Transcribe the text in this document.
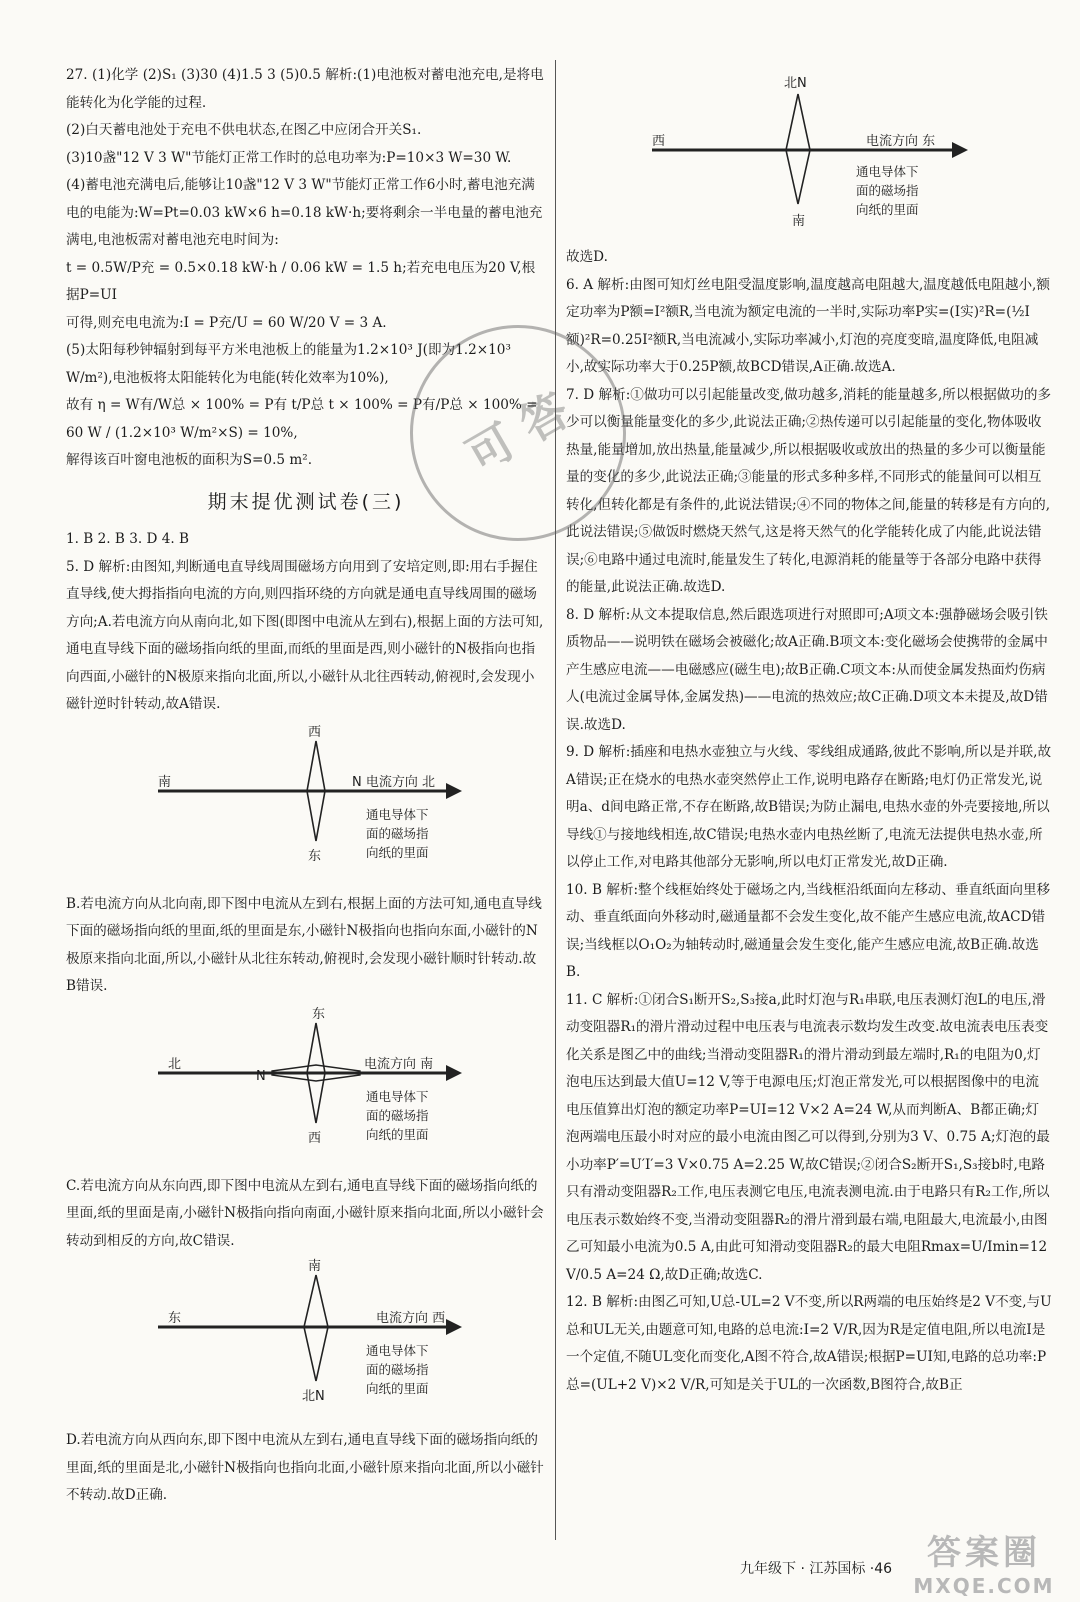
27. (1)化学 (2)S₁ (3)30 (4)1.5 3 (5)0.5 解析:(1)电池板对蓄电池充电,是将电能转化为化学能的过程.

(2)白天蓄电池处于充电不供电状态,在图乙中应闭合开关S₁.

(3)10盏"12 V 3 W"节能灯正常工作时的总电功率为:P=10×3 W=30 W.

(4)蓄电池充满电后,能够让10盏"12 V 3 W"节能灯正常工作6小时,蓄电池充满电的电能为:W=Pt=0.03 kW×6 h=0.18 kW·h;要将剩余一半电量的蓄电池充满电,电池板需对蓄电池充电时间为:

t = 0.5W/P充 = 0.5×0.18 kW·h / 0.06 kW = 1.5 h;若充电电压为20 V,根据P=UI

可得,则充电电流为:I = P充/U = 60 W/20 V = 3 A.

(5)太阳每秒钟辐射到每平方米电池板上的能量为1.2×10³ J(即为1.2×10³ W/m²),电池板将太阳能转化为电能(转化效率为10%),

故有 η = W有/W总 × 100% = P有 t/P总 t × 100% = P有/P总 × 100% =

60 W / (1.2×10³ W/m²×S) = 10%,

解得该百叶窗电池板的面积为S=0.5 m².

期末提优测试卷(三)

1. B 2. B 3. D 4. B

5. D 解析:由图知,判断通电直导线周围磁场方向用到了安培定则,即:用右手握住直导线,使大拇指指向电流的方向,则四指环绕的方向就是通电直导线周围的磁场方向;A.若电流方向从南向北,如下图(即图中电流从左到右),根据上面的方法可知,通电直导线下面的磁场指向纸的里面,而纸的里面是西,则小磁针的N极指向也指向西面,小磁针的N极原来指向北面,所以,小磁针从北往西转动,俯视时,会发现小磁针逆时针转动,故A错误.

西
东
南	N 电流方向 北
通电导体下
面的磁场指
向纸的里面

B.若电流方向从北向南,即下图中电流从左到右,根据上面的方法可知,通电直导线下面的磁场指向纸的里面,纸的里面是东,小磁针N极指向也指向东面,小磁针的N极原来指向北面,所以,小磁针从北往东转动,俯视时,会发现小磁针顺时针转动.故B错误.

东
西
北
N
电流方向 南
通电导体下
面的磁场指
向纸的里面

C.若电流方向从东向西,即下图中电流从左到右,通电直导线下面的磁场指向纸的里面,纸的里面是南,小磁针N极指向指向南面,小磁针原来指向北面,所以小磁针会转动到相反的方向,故C错误.

南
北N
东	电流方向 西
通电导体下
面的磁场指
向纸的里面

D.若电流方向从西向东,即下图中电流从左到右,通电直导线下面的磁场指向纸的里面,纸的里面是北,小磁针N极指向也指向北面,小磁针原来指向北面,所以小磁针不转动.故D正确.

北N
南
西	电流方向 东
通电导体下
面的磁场指
向纸的里面

故选D.

6. A 解析:由图可知灯丝电阻受温度影响,温度越高电阻越大,温度越低电阻越小,额定功率为P额=I²额R,当电流为额定电流的一半时,实际功率P实=(I实)²R=(½I额)²R=0.25I²额R,当电流减小,实际功率减小,灯泡的亮度变暗,温度降低,电阻减小,故实际功率大于0.25P额,故BCD错误,A正确.故选A.

7. D 解析:①做功可以引起能量改变,做功越多,消耗的能量越多,所以根据做功的多少可以衡量能量变化的多少,此说法正确;②热传递可以引起能量的变化,物体吸收热量,能量增加,放出热量,能量减少,所以根据吸收或放出的热量的多少可以衡量能量的变化的多少,此说法正确;③能量的形式多种多样,不同形式的能量间可以相互转化,但转化都是有条件的,此说法错误;④不同的物体之间,能量的转移是有方向的,此说法错误;⑤做饭时燃烧天然气,这是将天然气的化学能转化成了内能,此说法错误;⑥电路中通过电流时,能量发生了转化,电源消耗的能量等于各部分电路中获得的能量,此说法正确.故选D.

8. D 解析:从文本提取信息,然后跟选项进行对照即可;A项文本:强静磁场会吸引铁质物品——说明铁在磁场会被磁化;故A正确.B项文本:变化磁场会使携带的金属中产生感应电流——电磁感应(磁生电);故B正确.C项文本:从而使金属发热面灼伤病人(电流过金属导体,金属发热)——电流的热效应;故C正确.D项文本未提及,故D错误.故选D.

9. D 解析:插座和电热水壶独立与火线、零线组成通路,彼此不影响,所以是并联,故A错误;正在烧水的电热水壶突然停止工作,说明电路存在断路;电灯仍正常发光,说明a、d间电路正常,不存在断路,故B错误;为防止漏电,电热水壶的外壳要接地,所以导线①与接地线相连,故C错误;电热水壶内电热丝断了,电流无法提供电热水壶,所以停止工作,对电路其他部分无影响,所以电灯正常发光,故D正确.

10. B 解析:整个线框始终处于磁场之内,当线框沿纸面向左移动、垂直纸面向里移动、垂直纸面向外移动时,磁通量都不会发生变化,故不能产生感应电流,故ACD错误;当线框以O₁O₂为轴转动时,磁通量会发生变化,能产生感应电流,故B正确.故选B.

11. C 解析:①闭合S₁断开S₂,S₃接a,此时灯泡与R₁串联,电压表测灯泡L的电压,滑动变阻器R₁的滑片滑动过程中电压表与电流表示数均发生改变.故电流表电压表变化关系是图乙中的曲线;当滑动变阻器R₁的滑片滑动到最左端时,R₁的电阻为0,灯泡电压达到最大值U=12 V,等于电源电压;灯泡正常发光,可以根据图像中的电流电压值算出灯泡的额定功率P=UI=12 V×2 A=24 W,从而判断A、B都正确;灯泡两端电压最小时对应的最小电流由图乙可以得到,分别为3 V、0.75 A;灯泡的最小功率P′=U′I′=3 V×0.75 A=2.25 W,故C错误;②闭合S₂断开S₁,S₃接b时,电路只有滑动变阻器R₂工作,电压表测它电压,电流表测电流.由于电路只有R₂工作,所以电压表示数始终不变,当滑动变阻器R₂的滑片滑到最右端,电阻最大,电流最小,由图乙可知最小电流为0.5 A,由此可知滑动变阻器R₂的最大电阻Rmax=U/Imin=12 V/0.5 A=24 Ω,故D正确;故选C.

12. B 解析:由图乙可知,U总-UL=2 V不变,所以R两端的电压始终是2 V不变,与U总和UL无关,由题意可知,电路的总电流:I=2 V/R,因为R是定值电阻,所以电流I是一个定值,不随UL变化而变化,A图不符合,故A错误;根据P=UI知,电路的总功率:P总=(UL+2 V)×2 V/R,可知是关于UL的一次函数,B图符合,故B正

可 答
九年级下 · 江苏国标 ·46	答案圈
MXQE.COM
